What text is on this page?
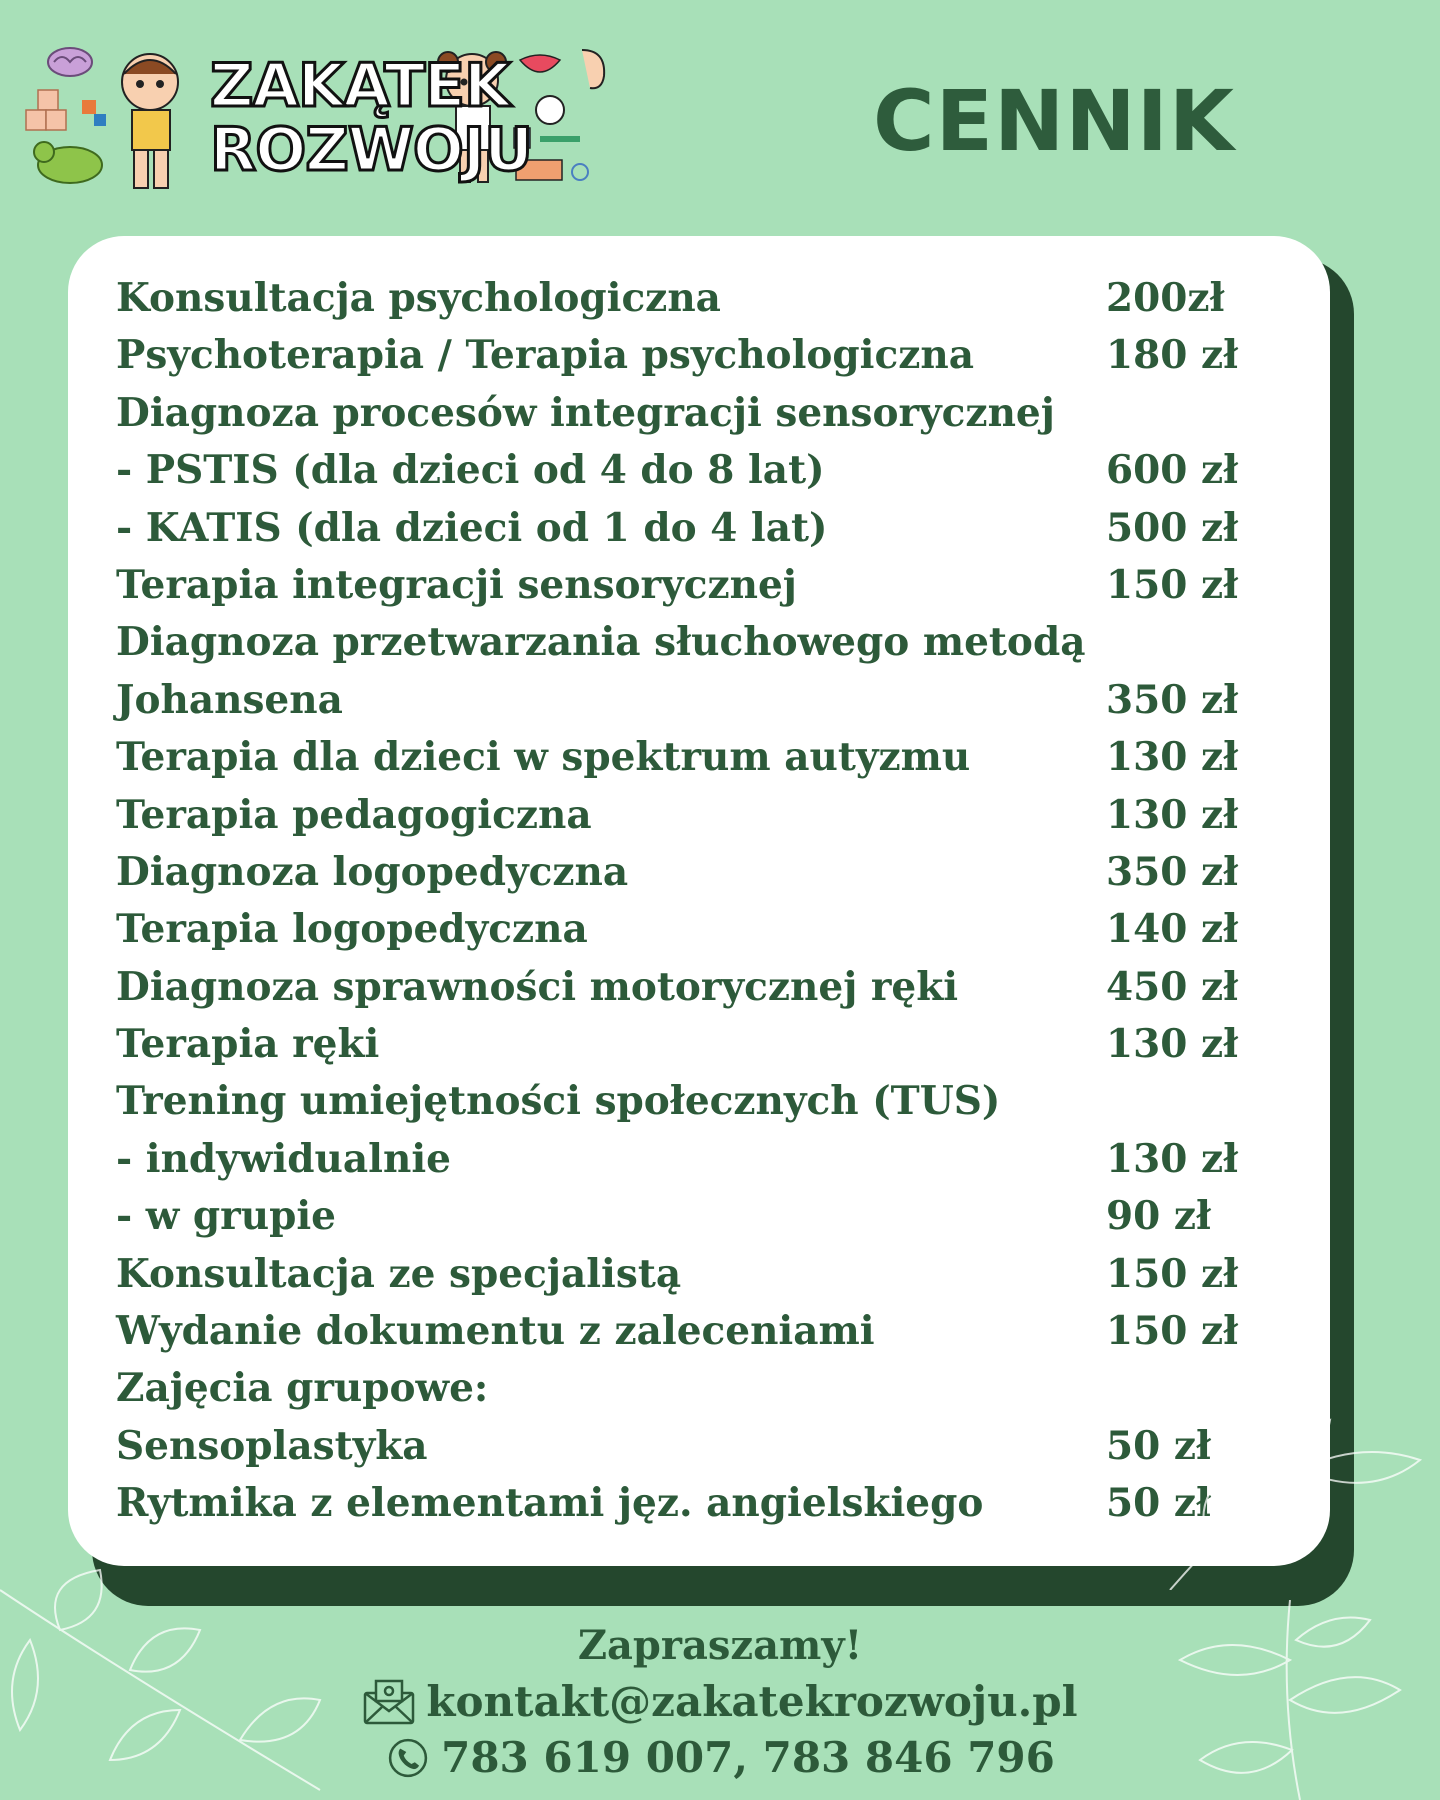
ZAKĄTEK
ROZWOJU	CENNIK
Konsultacja psychologiczna	200zł
Psychoterapia / Terapia psychologiczna	180 zł
Diagnoza procesów integracji sensorycznej
- PSTIS (dla dzieci od 4 do 8 lat)	600 zł
- KATIS (dla dzieci od 1 do 4 lat)	500 zł
Terapia integracji sensorycznej	150 zł
Diagnoza przetwarzania słuchowego metodą
Johansena	350 zł
Terapia dla dzieci w spektrum autyzmu	130 zł
Terapia pedagogiczna	130 zł
Diagnoza logopedyczna	350 zł
Terapia logopedyczna	140 zł
Diagnoza sprawności motorycznej ręki	450 zł
Terapia ręki	130 zł
Trening umiejętności społecznych (TUS)
- indywidualnie	130 zł
- w grupie	90 zł
Konsultacja ze specjalistą	150 zł
Wydanie dokumentu z zaleceniami	150 zł
Zajęcia grupowe:
Sensoplastyka	50 zł
Rytmika z elementami jęz. angielskiego	50 zł
Zapraszamy!
kontakt@zakatekrozwoju.pl
783 619 007, 783 846 796
